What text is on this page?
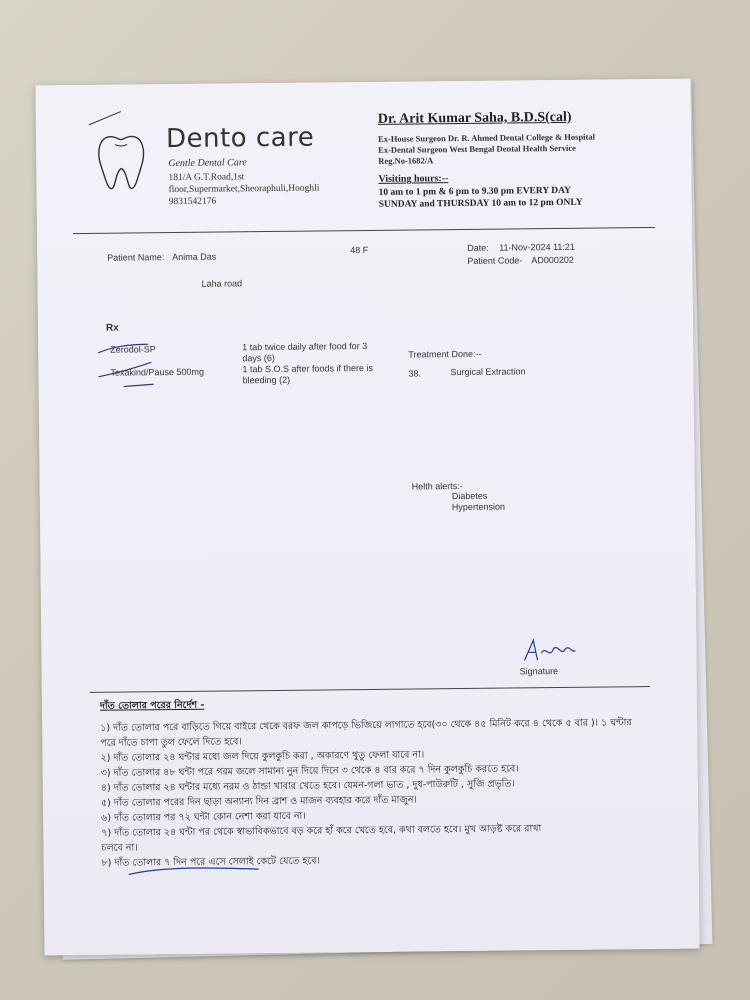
Dento care
Gentle Dental Care
181/A G.T.Road,1st floor,Supermarket,Sheoraphuli,Hooghli
9831542176
Dr. Arit Kumar Saha, B.D.S(cal)
Ex-House Surgeon Dr. R. Ahmed Dental College & Hospital
Ex-Dental Surgeon West Bengal Dental Health Service
Reg.No-1682/A
Visiting hours:--
10 am to 1 pm & 6 pm to 9.30 pm EVERY DAY
SUNDAY and THURSDAY 10 am to 12 pm ONLY
Patient Name: Anima Das
48 F	Date: 11-Nov-2024 11:21
Patient Code- AD000202
Laha road
Rx
Zerodol-SP	1 tab twice daily after food for 3
days (6)
Texakind/Pause 500mg	1 tab S.O.S after foods if there is
bleeding (2)
Treatment Done:--
38.	Surgical Extraction
Helth alerts:-
Diabetes
Hypertension
Signature
দাঁত তোলার পরের নির্দেশ -
১) দাঁত তোলার পরে বাড়িতে গিয়ে বাইরে থেকে বরফ জল কাপড়ে ভিজিয়ে লাগাতে হবে(৩০ থেকে ৪৫ মিনিট করে ৪ থেকে ৫ বার )। ১ ঘন্টার
পরে দাঁতে চাপা তুল ফেলে দিতে হবে।
২) দাঁত তোলার ২৪ ঘন্টার মধ্যে জল দিয়ে কুলকুচি করা , অকারণে থুতু ফেলা যাবে না।
৩) দাঁত তোলার ৪৮ ঘন্টা পরে গরম জলে সামান্য নুন দিয়ে দিনে ৩ থেকে ৪ বার করে ৭ দিন কুলকুচি করতে হবে।
৪) দাঁত তোলার ২৪ ঘন্টার মধ্যে নরম ও ঠান্ডা খাবার খেতে হবে। যেমন-গলা ভাত , দুধ-পাউরুটি , সুজি প্রভৃতি।
৫) দাঁত তোলার পরের দিন ছাড়া অন্যান্য দিন ব্রাশ ও মাজন ব্যবহার করে দাঁত মাজুন।
৬) দাঁত তোলার পর ৭২ ঘন্টা কোন নেশা করা যাবে না।
৭) দাঁত তোলার ২৪ ঘন্টা পর থেকে স্বাভাবিকভাবে বড় করে হাঁ করে খেতে হবে, কথা বলতে হবে। মুখ আড়ষ্ট করে রাখা
চলবে না।
৮) দাঁত তোলার ৭ দিন পরে এসে সেলাই কেটে যেতে হবে।
